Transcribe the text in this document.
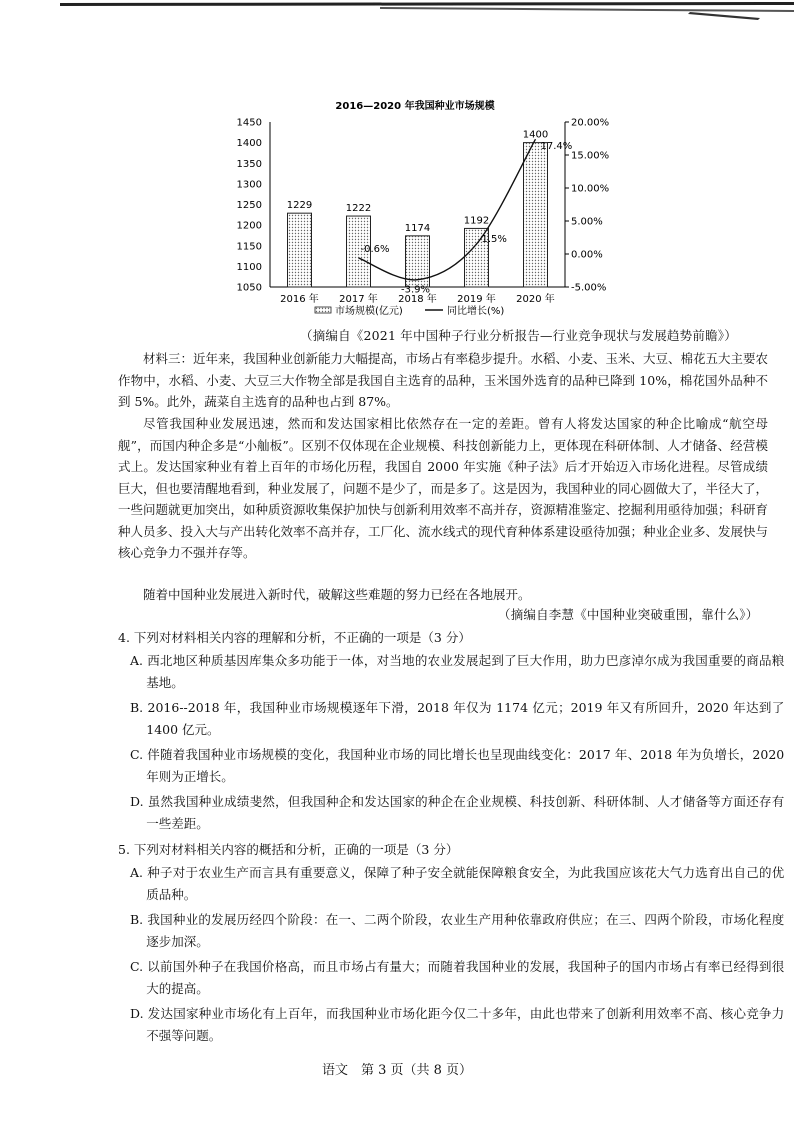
2016—2020 年我国种业市场规模
1050
1100
1150
1200
1250
1300
1350
1400
1450
-5.00%
0.00%
5.00%
10.00%
15.00%
20.00%
1229
2016 年
1222
2017 年
1174
2018 年
1192
2019 年
1400
2020 年
-0.6%
-3.9%
1.5%
17.4%
市场规模(亿元)	同比增长(%)
（摘编自《2021 年中国种子行业分析报告—行业竞争现状与发展趋势前瞻》）
材料三：近年来，我国种业创新能力大幅提高，市场占有率稳步提升。水稻、小麦、玉米、大豆、棉花五大主要农作物中，水稻、小麦、大豆三大作物全部是我国自主选育的品种，玉米国外选育的品种已降到 10%，棉花国外品种不到 5%。此外，蔬菜自主选育的品种也占到 87%。
尽管我国种业发展迅速，然而和发达国家相比依然存在一定的差距。曾有人将发达国家的种企比喻成“航空母舰”，而国内种企多是“小舢板”。区别不仅体现在企业规模、科技创新能力上，更体现在科研体制、人才储备、经营模式上。发达国家种业有着上百年的市场化历程，我国自 2000 年实施《种子法》后才开始迈入市场化进程。尽管成绩巨大，但也要清醒地看到，种业发展了，问题不是少了，而是多了。这是因为，我国种业的同心圆做大了，半径大了，一些问题就更加突出，如种质资源收集保护加快与创新利用效率不高并存，资源精准鉴定、挖掘利用亟待加强；科研育种人员多、投入大与产出转化效率不高并存，工厂化、流水线式的现代育种体系建设亟待加强；种业企业多、发展快与核心竞争力不强并存等。
随着中国种业发展进入新时代，破解这些难题的努力已经在各地展开。
（摘编自李慧《中国种业突破重围，靠什么》）
4. 下列对材料相关内容的理解和分析，不正确的一项是（3 分）
A. 西北地区种质基因库集众多功能于一体，对当地的农业发展起到了巨大作用，助力巴彦淖尔成为我国重要的商品粮基地。
B. 2016--2018 年，我国种业市场规模逐年下滑，2018 年仅为 1174 亿元；2019 年又有所回升，2020 年达到了 1400 亿元。
C. 伴随着我国种业市场规模的变化，我国种业市场的同比增长也呈现曲线变化：2017 年、2018 年为负增长，2020 年则为正增长。
D. 虽然我国种业成绩斐然，但我国种企和发达国家的种企在企业规模、科技创新、科研体制、人才储备等方面还存有一些差距。
5. 下列对材料相关内容的概括和分析，正确的一项是（3 分）
A. 种子对于农业生产而言具有重要意义，保障了种子安全就能保障粮食安全，为此我国应该花大气力选育出自己的优质品种。
B. 我国种业的发展历经四个阶段：在一、二两个阶段，农业生产用种依靠政府供应；在三、四两个阶段，市场化程度逐步加深。
C. 以前国外种子在我国价格高，而且市场占有量大；而随着我国种业的发展，我国种子的国内市场占有率已经得到很大的提高。
D. 发达国家种业市场化有上百年，而我国种业市场化距今仅二十多年，由此也带来了创新利用效率不高、核心竞争力不强等问题。
语文　第 3 页（共 8 页）
